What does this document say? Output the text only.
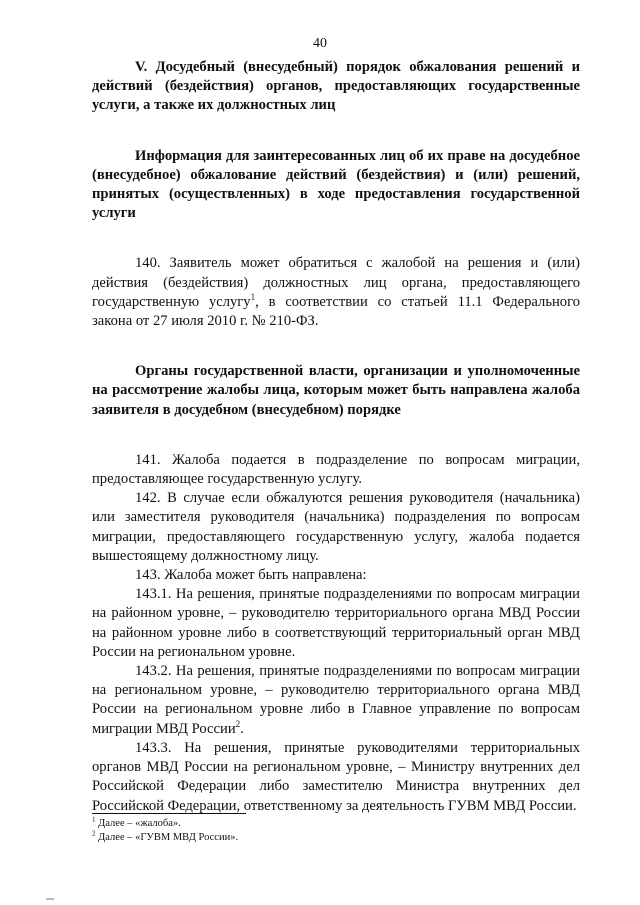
40

V. Досудебный (внесудебный) порядок обжалования решений и действий (бездействия) органов, предоставляющих государственные услуги, а также их должностных лиц

Информация для заинтересованных лиц об их праве на досудебное (внесудебное) обжалование действий (бездействия) и (или) решений, принятых (осуществленных) в ходе предоставления государственной услуги

140. Заявитель может обратиться с жалобой на решения и (или) действия (бездействия) должностных лиц органа, предоставляющего государственную услугу$^1$, в соответствии со статьей 11.1 Федерального закона от 27 июля 2010 г. № 210-ФЗ.

Органы государственной власти, организации и уполномоченные на рассмотрение жалобы лица, которым может быть направлена жалоба заявителя в досудебном (внесудебном) порядке

141. Жалоба подается в подразделение по вопросам миграции, предоставляющее государственную услугу.

142. В случае если обжалуются решения руководителя (начальника) или заместителя руководителя (начальника) подразделения по вопросам миграции, предоставляющего государственную услугу, жалоба подается вышестоящему должностному лицу.

143. Жалоба может быть направлена:

143.1. На решения, принятые подразделениями по вопросам миграции на районном уровне, – руководителю территориального органа МВД России на районном уровне либо в соответствующий территориальный орган МВД России на региональном уровне.

143.2. На решения, принятые подразделениями по вопросам миграции на региональном уровне, – руководителю территориального органа МВД России на региональном уровне либо в Главное управление по вопросам миграции МВД России$^2$.

143.3. На решения, принятые руководителями территориальных органов МВД России на региональном уровне, – Министру внутренних дел Российской Федерации либо заместителю Министра внутренних дел Российской Федерации, ответственному за деятельность ГУВМ МВД России.

$^1$ Далее – «жалоба».

$^2$ Далее – «ГУВМ МВД России».
